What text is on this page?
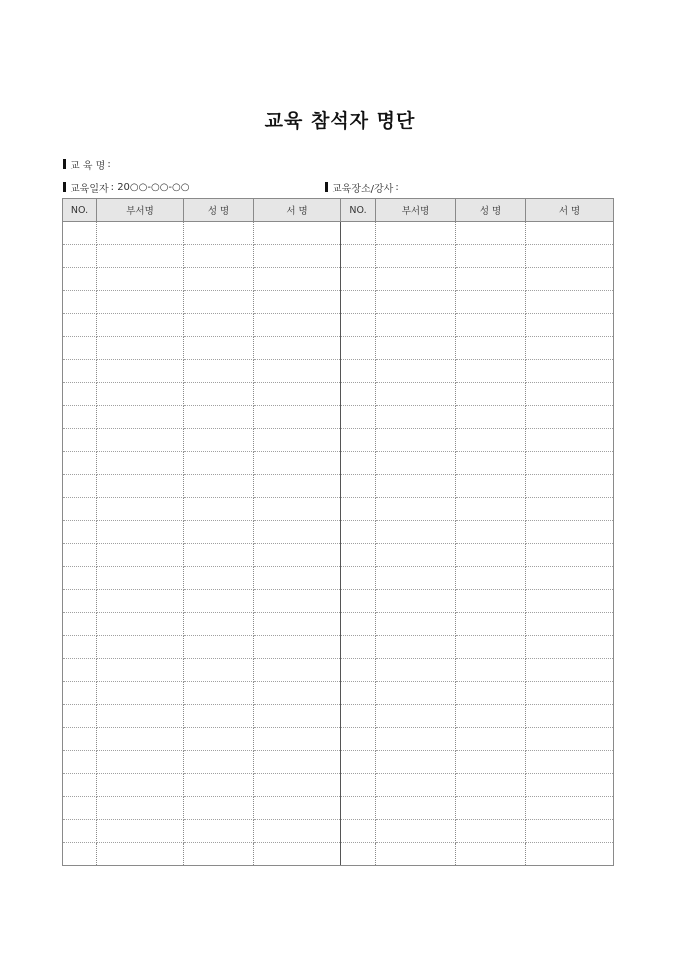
교육 참석자 명단
교 육 명 :
교육일자 : 20○○-○○-○○	교육장소/강사 :
NO.	부서명	성 명	서 명	NO.	부서명	성 명	서 명
